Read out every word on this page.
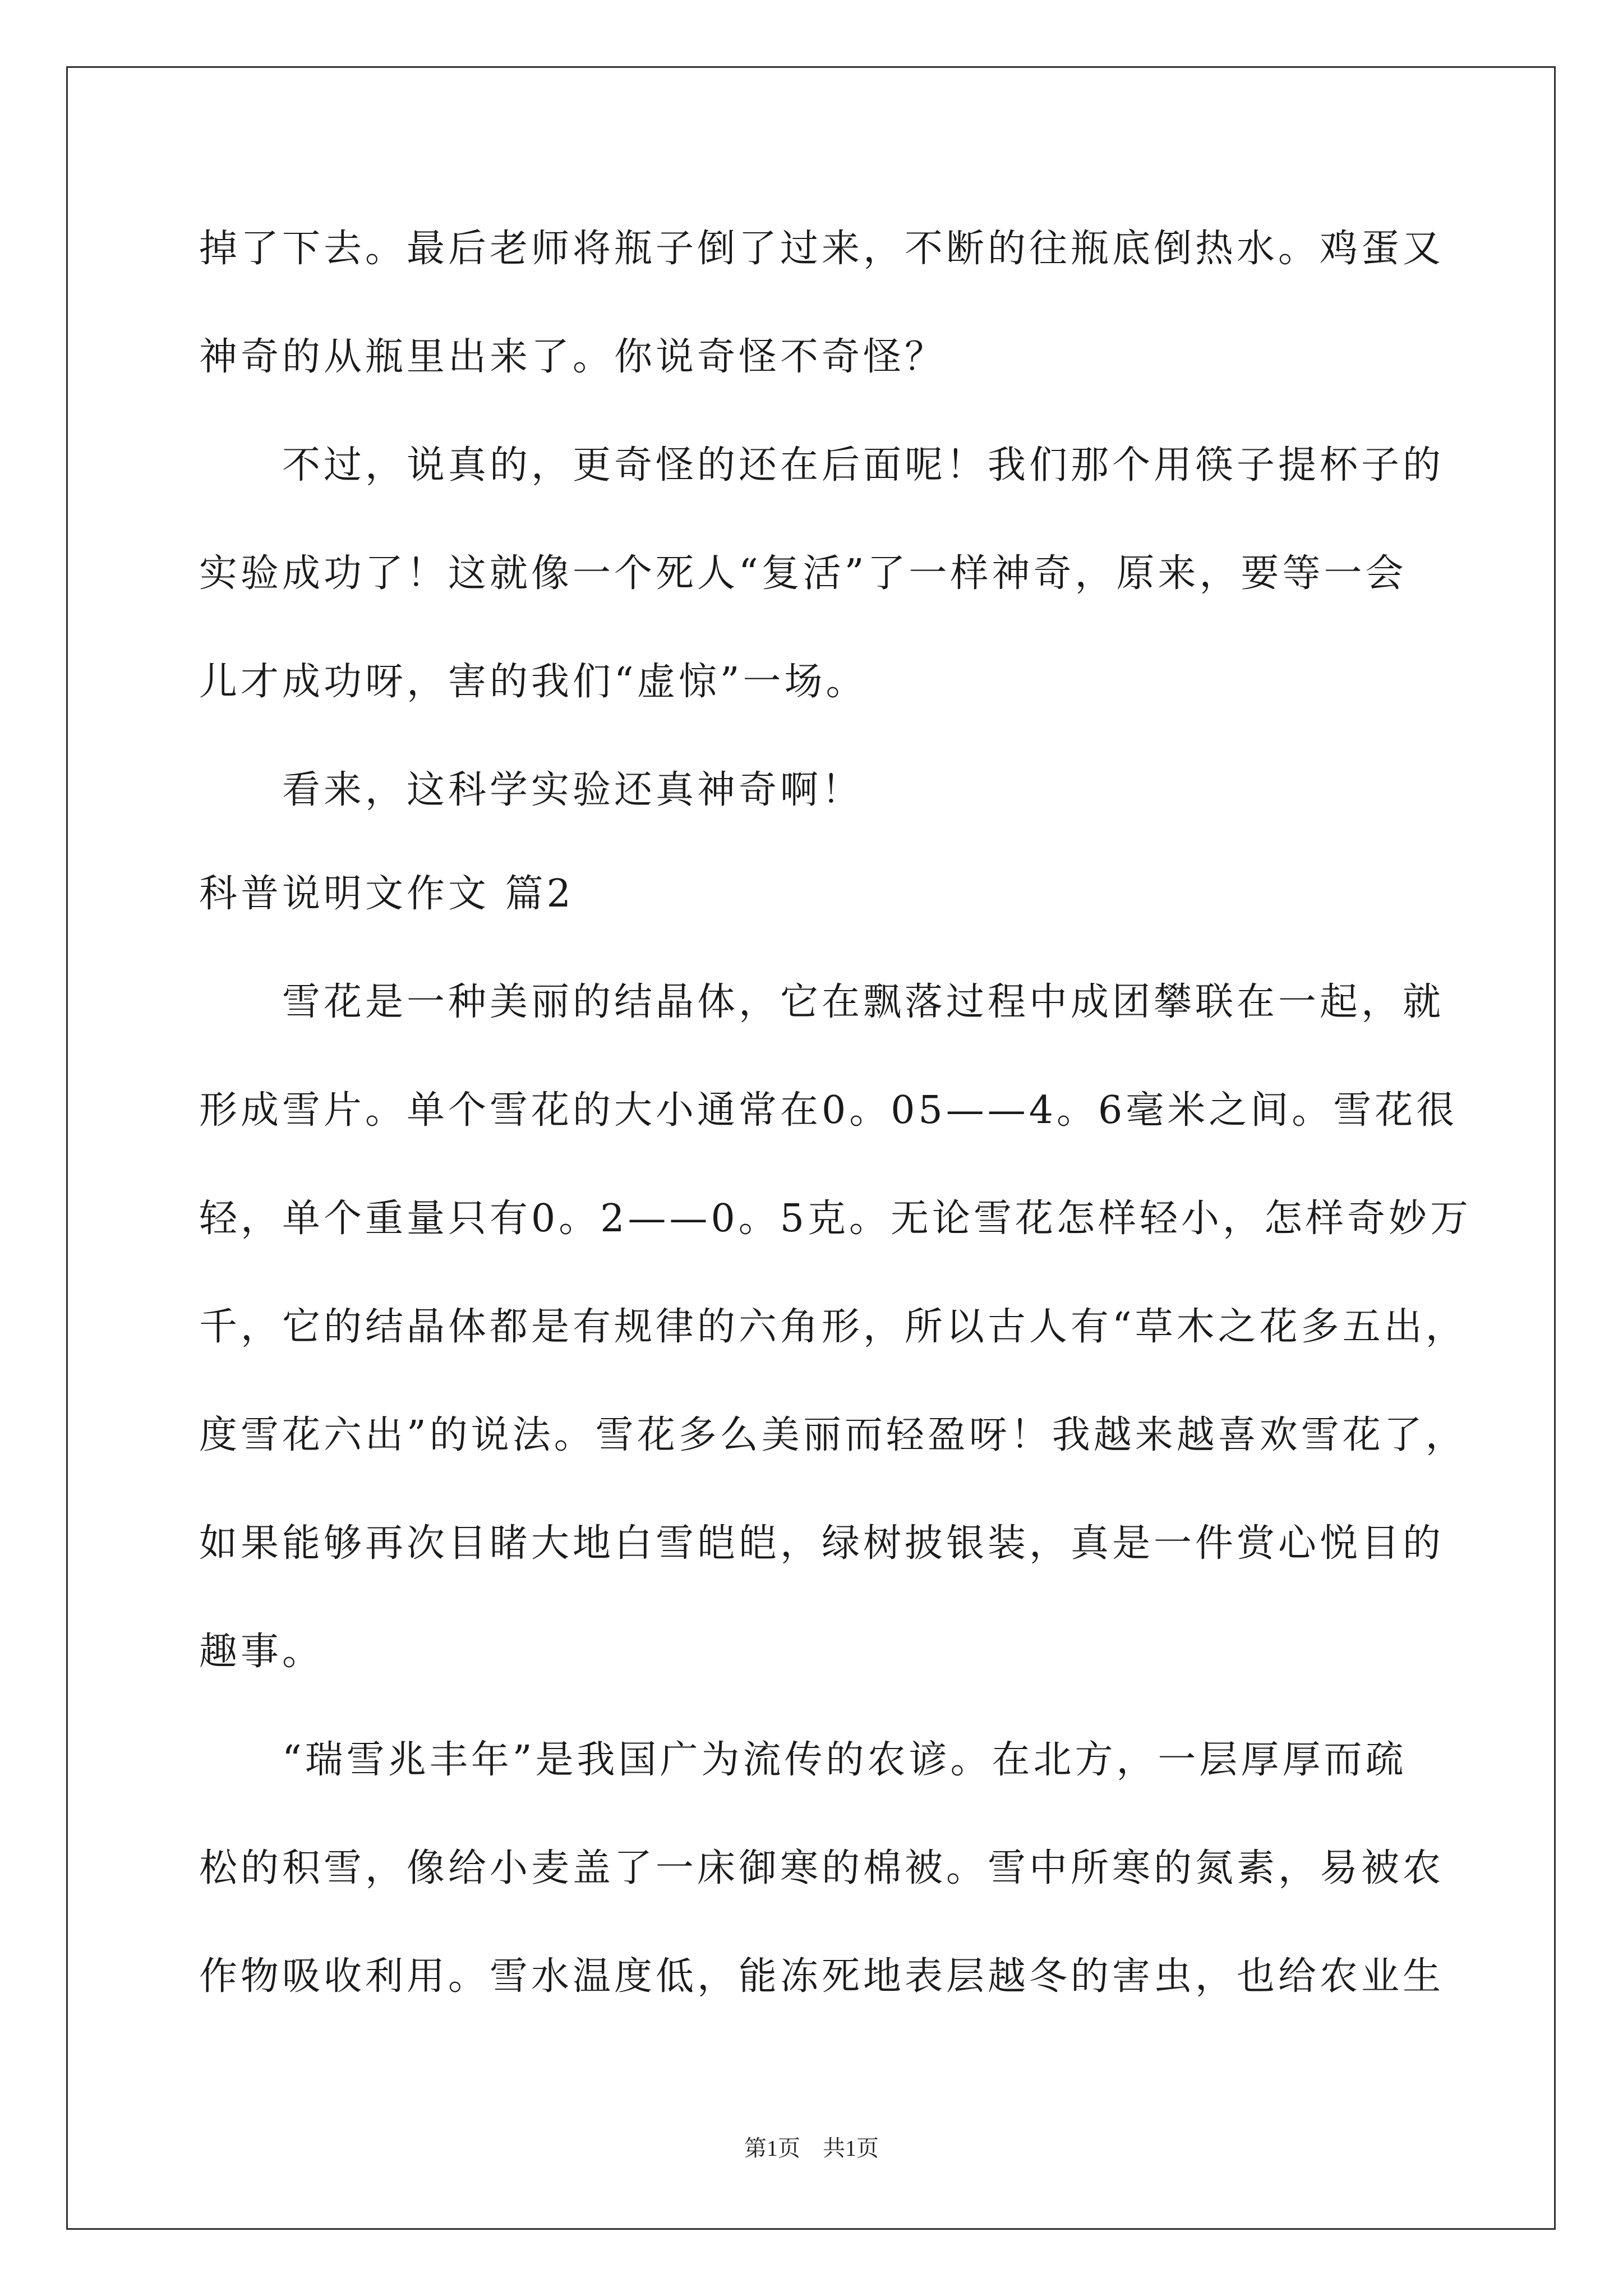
掉了下去。最后老师将瓶子倒了过来，不断的往瓶底倒热水。鸡蛋又
神奇的从瓶里出来了。你说奇怪不奇怪？
不过，说真的，更奇怪的还在后面呢！我们那个用筷子提杯子的
实验成功了！这就像一个死人“复活”了一样神奇，原来，要等一会
儿才成功呀，害的我们“虚惊”一场。
看来，这科学实验还真神奇啊！
科普说明文作文 篇2
雪花是一种美丽的结晶体，它在飘落过程中成团攀联在一起，就
形成雪片。单个雪花的大小通常在0。05——4。6毫米之间。雪花很
轻，单个重量只有0。2——0。5克。无论雪花怎样轻小，怎样奇妙万
千，它的结晶体都是有规律的六角形，所以古人有“草木之花多五出，
度雪花六出”的说法。雪花多么美丽而轻盈呀！我越来越喜欢雪花了，
如果能够再次目睹大地白雪皑皑，绿树披银装，真是一件赏心悦目的
趣事。
“瑞雪兆丰年”是我国广为流传的农谚。在北方，一层厚厚而疏
松的积雪，像给小麦盖了一床御寒的棉被。雪中所寒的氮素，易被农
作物吸收利用。雪水温度低，能冻死地表层越冬的害虫，也给农业生
第1页　共1页
